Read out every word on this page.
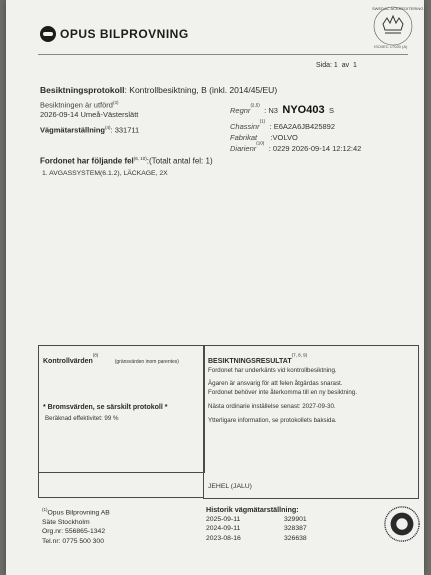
OPUS BILPROVNING
SWEDAC ACKREDITERING
ISO/IEC 17020 (A)
Sida: 1 av 1
Besiktningsprotokoll: Kontrollbesiktning, B (inkl. 2014/45/EU)
Besiktningen är utförd$^{(3)}$
2026-09-14 Umeå-Västerslätt
Vägmätarställning$^{(4)}$: 331711
Regnr$^{(2,5)}$ : N3 NYO403 S
Chassinr$^{(1)}$ : E6A2A6JB425892
Fabrikat :VOLVO
Diarienr$^{(10)}$ : 0229 2026-09-14 12:12:42
Fordonet har följande fel$^{(6, 10)}$:(Totalt antal fel: 1)
1. AVGASSYSTEM(6.1.2), LÄCKAGE, 2X
Kontrollvärden$^{(8)}$ (gränsvärden inom parentes)
* Bromsvärden, se särskilt protokoll *
Beräknad effektivitet: 99 %
BESIKTNINGSRESULTAT$^{(7, 8, 9)}$
Fordonet har underkänts vid kontrollbesiktning.
Ägaren är ansvarig för att felen åtgärdas snarast.
Fordonet behöver inte återkomma till en ny besiktning.
Nästa ordinarie inställelse senast: 2027-09-30.
Ytterligare information, se protokollets baksida.
JEHEL (JALU)
$^{(1)}$Opus Bilprovning AB
Säte Stockholm
Org.nr: 556865-1342
Tel.nr: 0775 500 300
Historik vägmätarställning:
2025-09-11	329901
2024-09-11	328387
2023-08-16	326638
